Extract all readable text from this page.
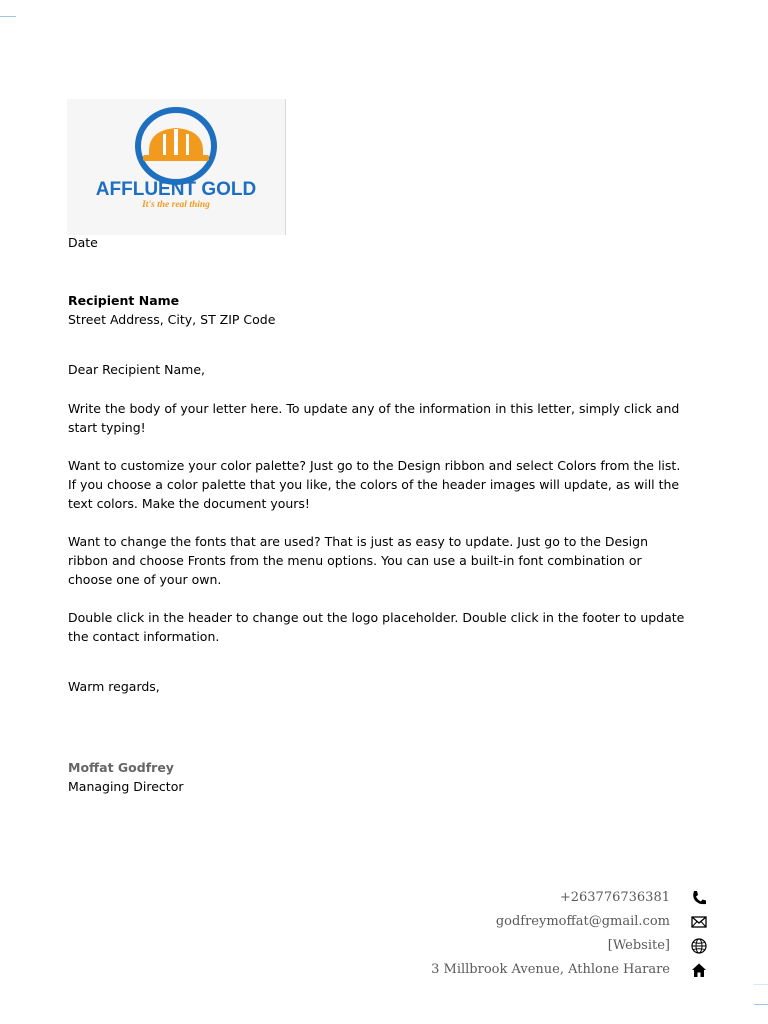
AFFLUENT GOLD
It's the real thing
Date
Recipient Name
Street Address, City, ST ZIP Code
Dear Recipient Name,
Write the body of your letter here. To update any of the information in this letter, simply click and
start typing!
Want to customize your color palette? Just go to the Design ribbon and select Colors from the list.
If you choose a color palette that you like, the colors of the header images will update, as will the
text colors. Make the document yours!
Want to change the fonts that are used? That is just as easy to update. Just go to the Design
ribbon and choose Fronts from the menu options. You can use a built-in font combination or
choose one of your own.
Double click in the header to change out the logo placeholder. Double click in the footer to update
the contact information.
Warm regards,
Moffat Godfrey
Managing Director
+263776736381
godfreymoffat@gmail.com
[Website]
3 Millbrook Avenue, Athlone Harare
